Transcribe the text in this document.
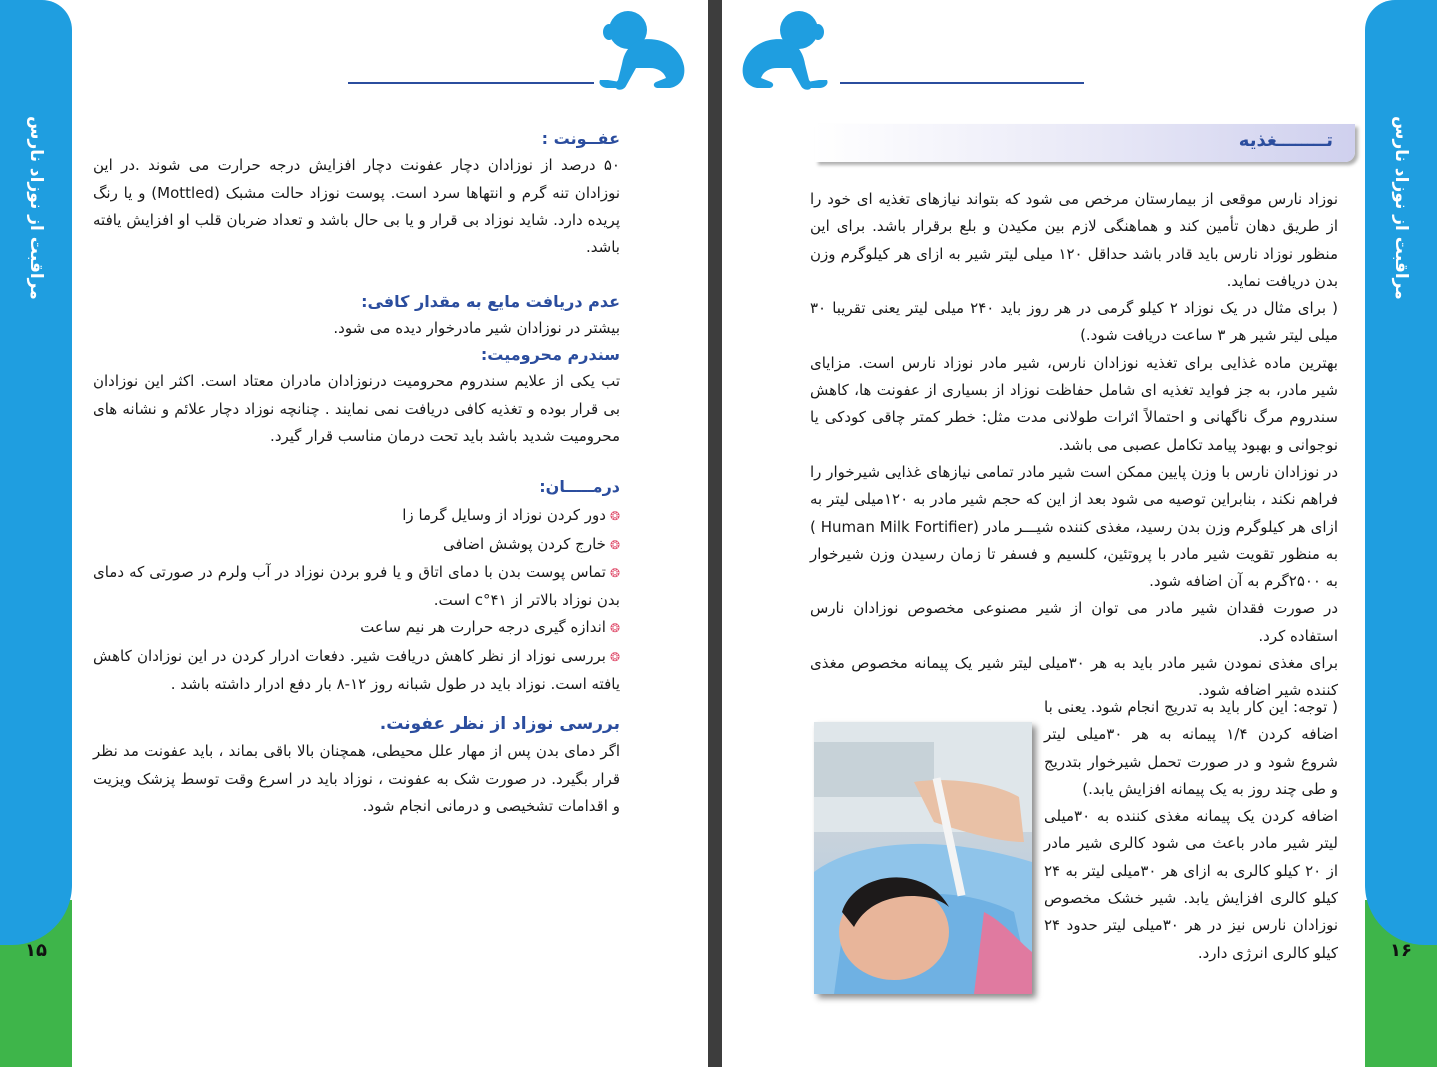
مراقبت از نوزاد نارس
۱۵
عفــونت :
۵۰ درصد از نوزادان دچار عفونت دچار افزایش درجه حرارت می شوند .در این نوزادان تنه گرم و انتهاها سرد است. پوست نوزاد حالت مشبک (Mottled) و یا رنگ پریده دارد. شاید نوزاد بی قرار و یا بی حال باشد و تعداد ضربان قلب او افزایش یافته باشد.
عدم دریافت مایع به مقدار کافی:
بیشتر در نوزادان شیر مادرخوار دیده می شود.
سندرم محرومیت:
تب یکی از علایم سندروم محرومیت درنوزادان مادران معتاد است. اکثر این نوزادان بی قرار بوده و تغذیه کافی دریافت نمی نمایند . چنانچه نوزاد دچار علائم و نشانه های محرومیت شدید باشد باید تحت درمان مناسب قرار گیرد.
درمـــــان:
❂ دور کردن نوزاد از وسایل گرما زا
❂ خارج کردن پوشش اضافی
❂ تماس پوست بدن با دمای اتاق و یا فرو بردن نوزاد در آب ولرم در صورتی که دمای بدن نوزاد بالاتر از ۴۱°c است.
❂ اندازه گیری درجه حرارت هر نیم ساعت
❂ بررسی نوزاد از نظر کاهش دریافت شیر. دفعات ادرار کردن در این نوزادان کاهش یافته است. نوزاد باید در طول شبانه روز ۱۲-۸ بار دفع ادرار داشته باشد .
بررسی نوزاد از نظر عفونت.
اگر دمای بدن پس از مهار علل محیطی، همچنان بالا باقی بماند ، باید عفونت مد نظر قرار بگیرد. در صورت شک به عفونت ، نوزاد باید در اسرع وقت توسط پزشک ویزیت و اقدامات تشخیصی و درمانی انجام شود.
مراقبت از نوزاد نارس
۱۶
تــــــــغذیه
نوزاد نارس موقعی از بیمارستان مرخص می شود که بتواند نیازهای تغذیه ای خود را از طریق دهان تأمین کند و هماهنگی لازم بین مکیدن و بلع برقرار باشد. برای این منظور نوزاد نارس باید قادر باشد حداقل ۱۲۰ میلی لیتر شیر به ازای هر کیلوگرم وزن بدن دریافت نماید.
( برای مثال در یک نوزاد ۲ کیلو گرمی در هر روز باید ۲۴۰ میلی لیتر یعنی تقریبا ۳۰ میلی لیتر شیر هر ۳ ساعت دریافت شود.)
بهترین ماده غذایی برای تغذیه نوزادان نارس، شیر مادر نوزاد نارس است. مزایای شیر مادر، به جز فواید تغذیه ای شامل حفاظت نوزاد از بسیاری از عفونت ها، کاهش سندروم مرگ ناگهانی و احتمالاً اثرات طولانی مدت مثل: خطر کمتر چاقی کودکی یا نوجوانی و بهبود پیامد تکامل عصبی می باشد.
در نوزادان نارس با وزن پایین ممکن است شیر مادر تمامی نیازهای غذایی شیرخوار را فراهم نکند ، بنابراین توصیه می شود بعد از این که حجم شیر مادر به ۱۲۰میلی لیتر به ازای هر کیلوگرم وزن بدن رسید، مغذی کننده شیـــر مادر (Human Milk Fortifier ) به منظور تقویت شیر مادر با پروتئین، کلسیم و فسفر تا زمان رسیدن وزن شیرخوار به ۲۵۰۰گرم به آن اضافه شود.
در صورت فقدان شیر مادر می توان از شیر مصنوعی مخصوص نوزادان نارس استفاده کرد.
برای مغذی نمودن شیر مادر باید به هر ۳۰میلی لیتر شیر یک پیمانه مخصوص مغذی کننده شیر اضافه شود.
( توجه: این کار باید به تدریج انجام شود. یعنی با اضافه کردن ۱/۴ پیمانه به هر ۳۰میلی لیتر شروع شود و در صورت تحمل شیرخوار بتدریج و طی چند روز به یک پیمانه افزایش یابد.)
اضافه کردن یک پیمانه مغذی کننده به ۳۰میلی لیتر شیر مادر باعث می شود کالری شیر مادر از ۲۰ کیلو کالری به ازای هر ۳۰میلی لیتر به ۲۴ کیلو کالری افزایش یابد. شیر خشک مخصوص نوزادان نارس نیز در هر ۳۰میلی لیتر حدود ۲۴ کیلو کالری انرژی دارد.
